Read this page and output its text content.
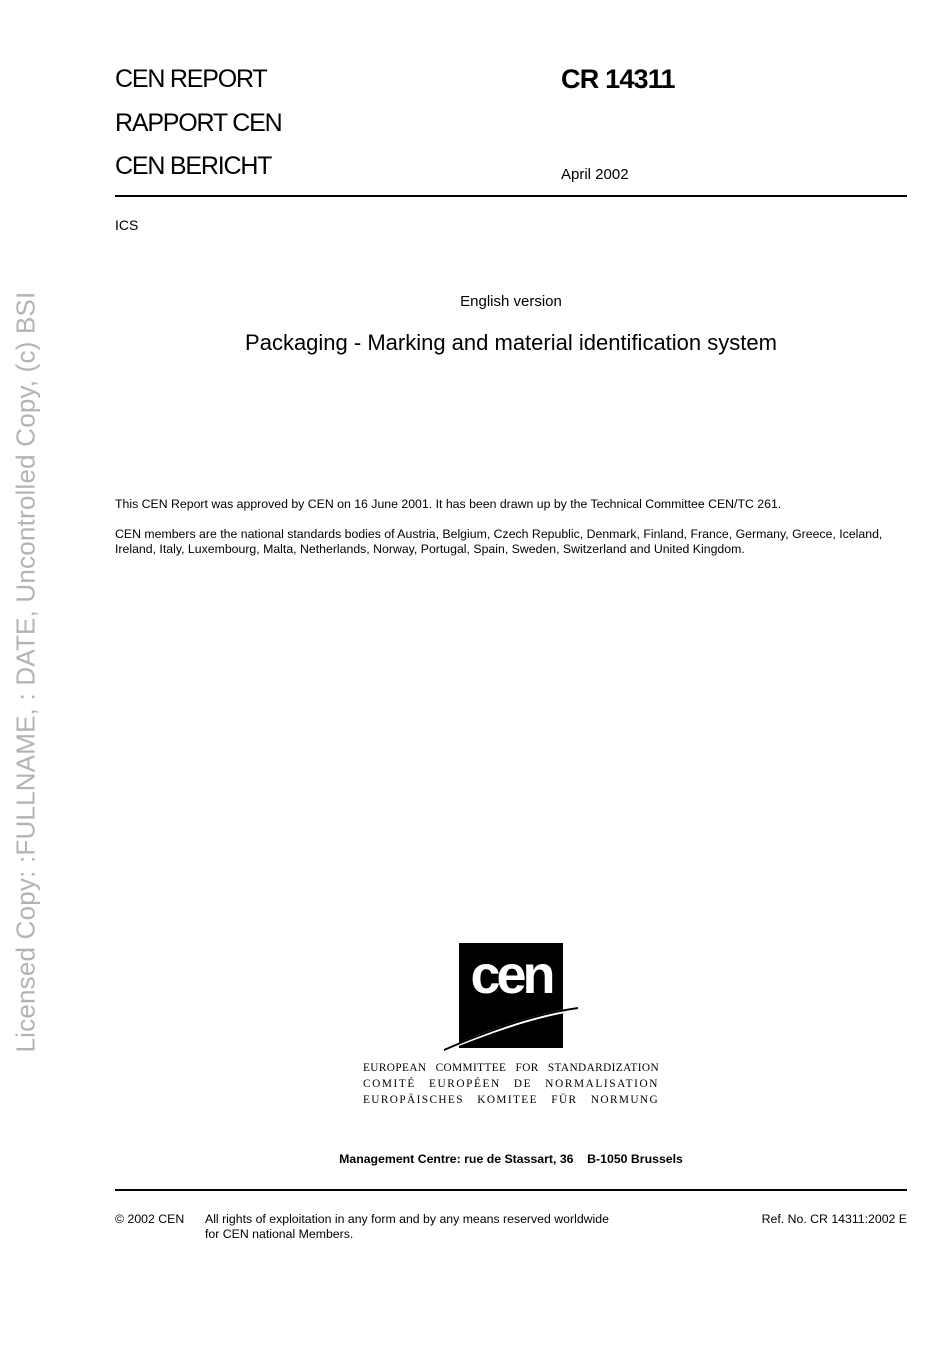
CEN REPORT
RAPPORT CEN
CEN BERICHT
CR 14311
April 2002
ICS
English version
Packaging - Marking and material identification system
This CEN Report was approved by CEN on 16 June 2001. It has been drawn up by the Technical Committee CEN/TC 261.
CEN members are the national standards bodies of Austria, Belgium, Czech Republic, Denmark, Finland, France, Germany, Greece, Iceland, Ireland, Italy, Luxembourg, Malta, Netherlands, Norway, Portugal, Spain, Sweden, Switzerland and United Kingdom.
Licensed Copy: :FULLNAME, : DATE, Uncontrolled Copy, (c) BSI	cen
EUROPEAN COMMITTEE FOR STANDARDIZATION
COMITÉ EUROPÉEN DE NORMALISATION
EUROPÄISCHES KOMITEE FÜR NORMUNG
Management Centre: rue de Stassart, 36    B-1050 Brussels
© 2002 CEN All rights of exploitation in any form and by any means reserved worldwide for CEN national Members.
Ref. No. CR 14311:2002 E
